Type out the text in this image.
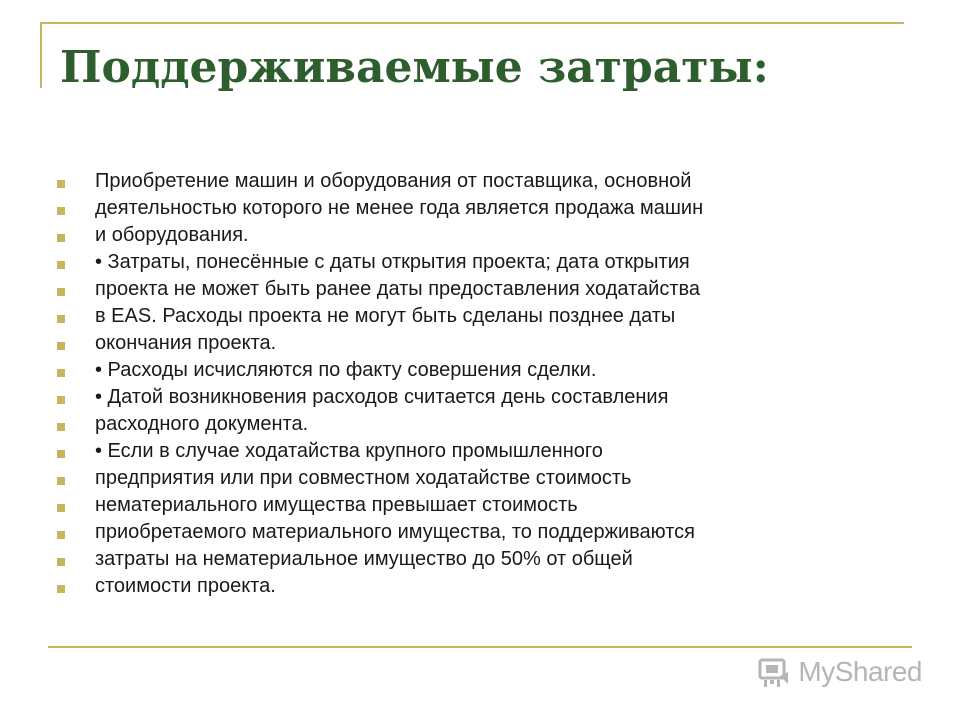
Поддерживаемые затраты:
Приобретение машин и оборудования от поставщика, основной
деятельностью которого не менее года является продажа машин
и оборудования.
• Затраты, понесённые с даты открытия проекта; дата открытия
проекта не может быть ранее даты предоставления ходатайства
в EAS. Расходы проекта не могут быть сделаны позднее даты
окончания проекта.
• Расходы исчисляются по факту совершения сделки.
• Датой возникновения расходов считается день составления
расходного документа.
• Если в случае ходатайства крупного промышленного
предприятия или при совместном ходатайстве стоимость
нематериального имущества превышает стоимость
приобретаемого материального имущества, то поддерживаются
затраты на нематериальное имущество до 50% от общей
стоимости проекта.
MyShared
